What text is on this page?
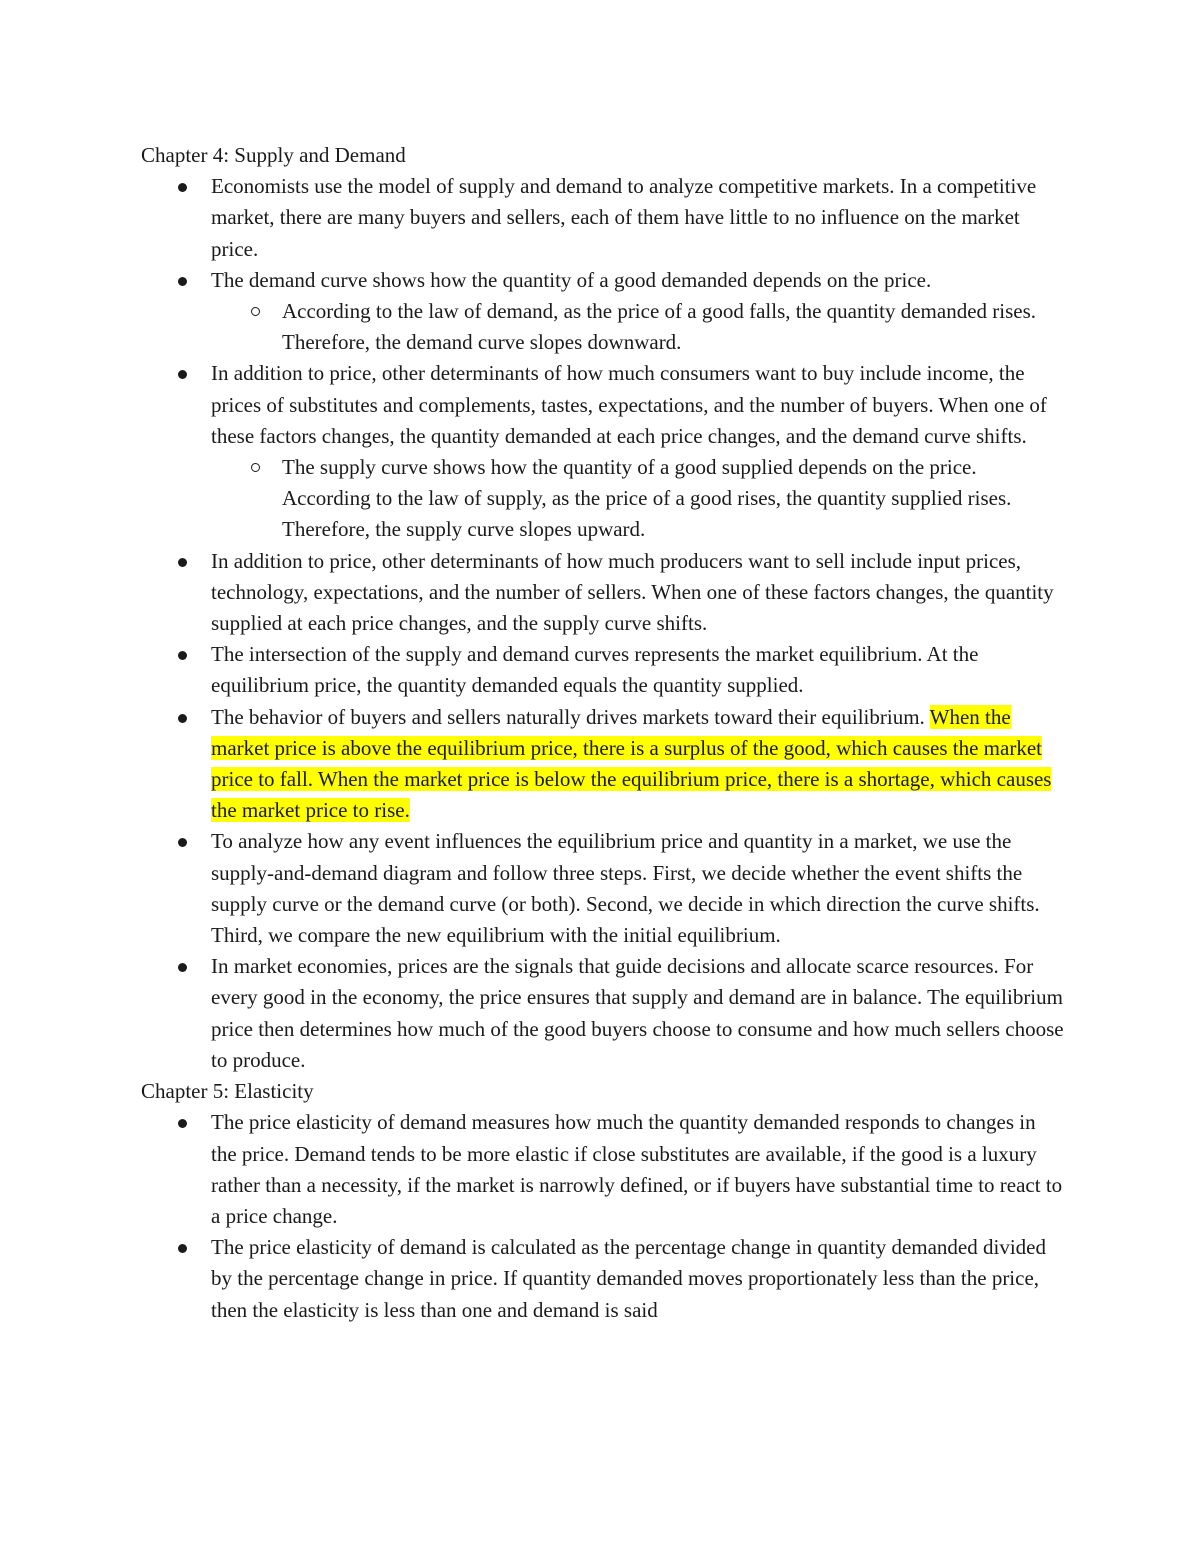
Chapter 4: Supply and Demand

Economists use the model of supply and demand to analyze competitive markets. In a competitive market, there are many buyers and sellers, each of them have little to no influence on the market price.
The demand curve shows how the quantity of a good demanded depends on the price.
According to the law of demand, as the price of a good falls, the quantity demanded rises. Therefore, the demand curve slopes downward.
In addition to price, other determinants of how much consumers want to buy include income, the prices of substitutes and complements, tastes, expectations, and the number of buyers. When one of these factors changes, the quantity demanded at each price changes, and the demand curve shifts.
The supply curve shows how the quantity of a good supplied depends on the price. According to the law of supply, as the price of a good rises, the quantity supplied rises. Therefore, the supply curve slopes upward.
In addition to price, other determinants of how much producers want to sell include input prices, technology, expectations, and the number of sellers. When one of these factors changes, the quantity supplied at each price changes, and the supply curve shifts.
The intersection of the supply and demand curves represents the market equilibrium. At the equilibrium price, the quantity demanded equals the quantity supplied.
The behavior of buyers and sellers naturally drives markets toward their equilibrium. When the market price is above the equilibrium price, there is a surplus of the good, which causes the market price to fall. When the market price is below the equilibrium price, there is a shortage, which causes the market price to rise.
To analyze how any event influences the equilibrium price and quantity in a market, we use the supply-and-demand diagram and follow three steps. First, we decide whether the event shifts the supply curve or the demand curve (or both). Second, we decide in which direction the curve shifts. Third, we compare the new equilibrium with the initial equilibrium.
In market economies, prices are the signals that guide decisions and allocate scarce resources. For every good in the economy, the price ensures that supply and demand are in balance. The equilibrium price then determines how much of the good buyers choose to consume and how much sellers choose to produce.

Chapter 5: Elasticity

The price elasticity of demand measures how much the quantity demanded responds to changes in the price. Demand tends to be more elastic if close substitutes are available, if the good is a luxury rather than a necessity, if the market is narrowly defined, or if buyers have substantial time to react to a price change.
The price elasticity of demand is calculated as the percentage change in quantity demanded divided by the percentage change in price. If quantity demanded moves proportionately less than the price, then the elasticity is less than one and demand is said
